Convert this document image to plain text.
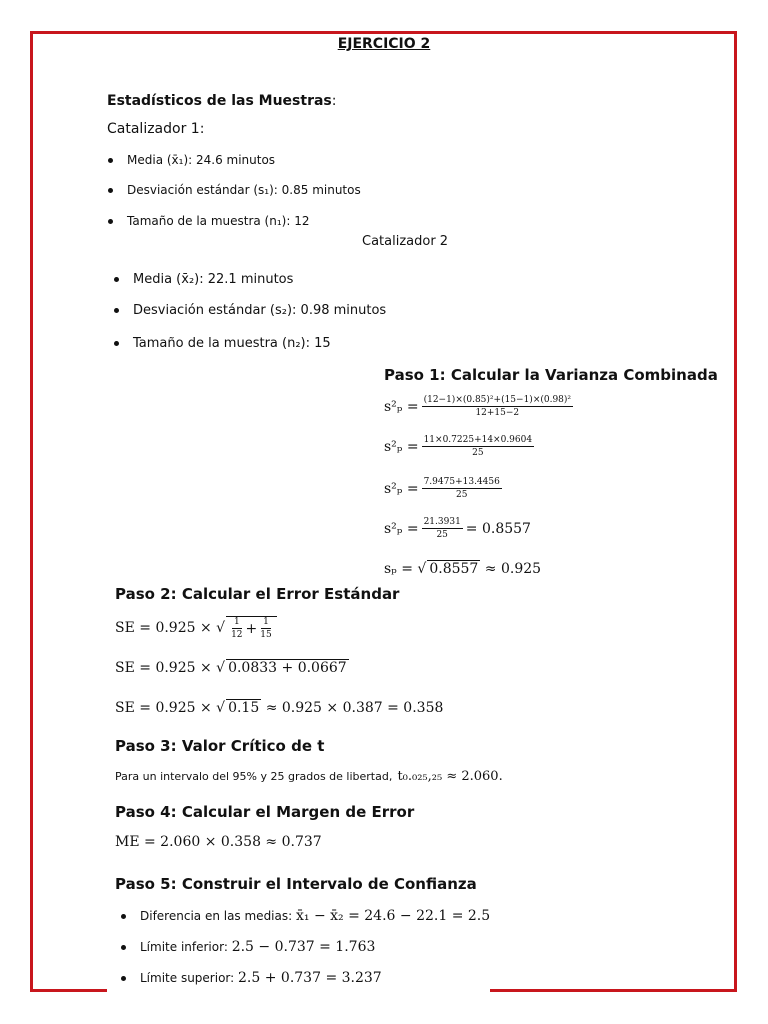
EJERCICIO 2
Estadísticos de las Muestras:
Catalizador 1:
Media (x̄₁): 24.6 minutos
Desviación estándar (s₁): 0.85 minutos
Tamaño de la muestra (n₁): 12
Catalizador 2
Media (x̄₂): 22.1 minutos
Desviación estándar (s₂): 0.98 minutos
Tamaño de la muestra (n₂): 15
Paso 1: Calcular la Varianza Combinada
$s^2_p = \frac{\text{(12−1)×(0.85)²+(15−1)×(0.98)²}}{12+15-2}$
$s^2_p = \frac{11\times 0.7225+14\times 0.9604}{25}$
$s^2_p = \frac{7.9475+13.4456}{25}$
$s^2_p = \frac{21.3931}{25} = 0.8557$
sₚ = √ 0.8557
≈ 0.925
Paso 2: Calcular el Error Estándar
SE = 0.925 × √ $\frac{1}{12} + \frac{1}{15}$
SE = 0.925 × √ 0.0833 + 0.0667
SE = 0.925 × √ 0.15
≈ 0.925 × 0.387 = 0.358
Paso 3: Valor Crítico de t
Para un intervalo del 95% y 25 grados de libertad,
t₀.₀₂₅,₂₅ ≈ 2.060.
Paso 4: Calcular el Margen de Error
ME = 2.060 × 0.358 ≈ 0.737
Paso 5: Construir el Intervalo de Confianza
Diferencia en las medias:
x̄₁ − x̄₂ = 24.6 − 22.1 = 2.5
Límite inferior:
2.5 − 0.737 = 1.763
Límite superior:
2.5 + 0.737 = 3.237
